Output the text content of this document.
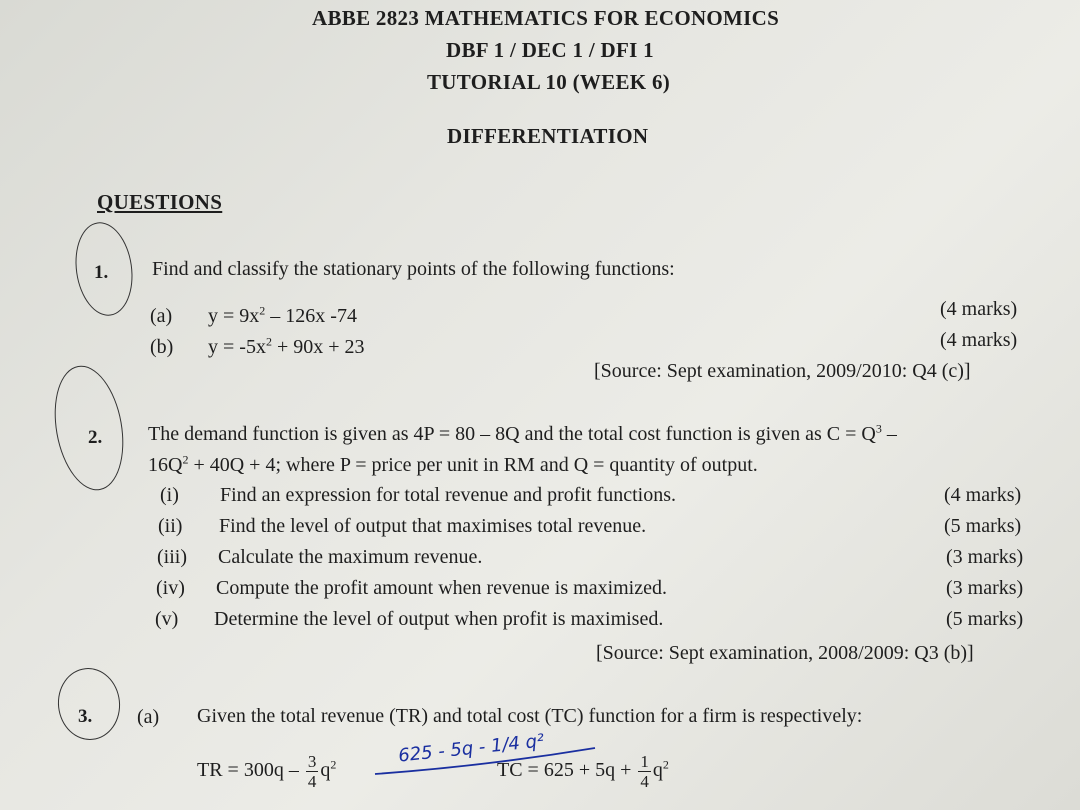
ABBE 2823 MATHEMATICS FOR ECONOMICS
DBF 1 / DEC 1 / DFI 1
TUTORIAL 10 (WEEK 6)
DIFFERENTIATION
QUESTIONS
1. Find and classify the stationary points of the following functions:
(a) $y = 9x^2 - 126x$ -74	(4 marks)
(b) $y = -5x^2 + 90x + 23$	(4 marks)
[Source: Sept examination, 2009/2010: Q4 (c)]
2. The demand function is given as 4P = 80 – 8Q and the total cost function is given as $C = Q^3$ –
$16Q^2 + 40Q + 4$; where P = price per unit in RM and Q = quantity of output.
(i) Find an expression for total revenue and profit functions.	(4 marks)
(ii) Find the level of output that maximises total revenue.	(5 marks)
(iii) Calculate the maximum revenue.	(3 marks)
(iv) Compute the profit amount when revenue is maximized.	(3 marks)
(v) Determine the level of output when profit is maximised.	(5 marks)
[Source: Sept examination, 2008/2009: Q3 (b)]
3. (a) Given the total revenue (TR) and total cost (TC) function for a firm is respectively:
TR = $300q - \frac{3}{4} q^2$	625 - 5q - 1/4 q²
TC = $625 + 5q + \frac{1}{4} q^2$
